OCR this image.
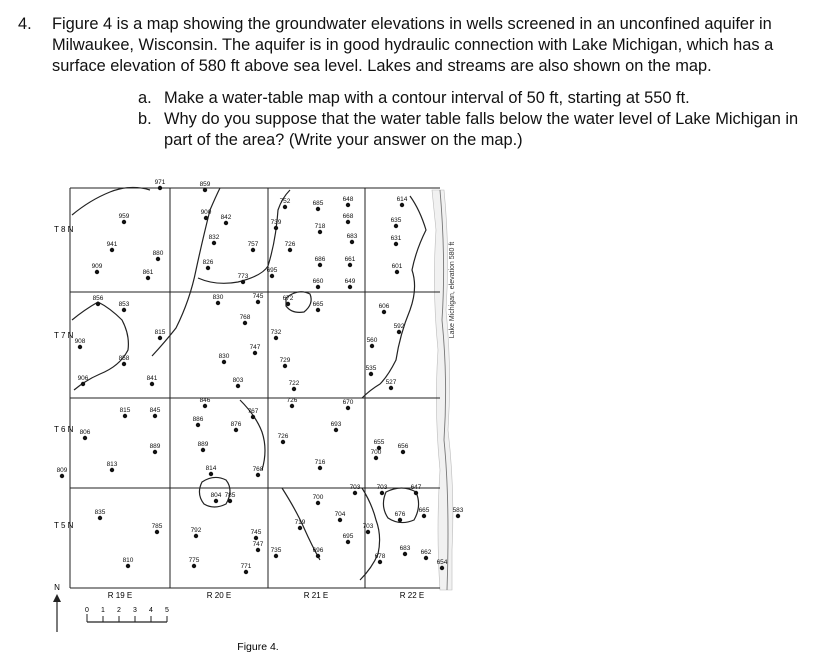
4. Figure 4 is a map showing the groundwater elevations in wells screened in an unconfined aquifer in Milwaukee, Wisconsin. The aquifer is in good hydraulic connection with Lake Michigan, which has a surface elevation of 580 ft above sea level. Lakes and streams are also shown on the map.
a. Make a water-table map with a contour interval of 50 ft, starting at 550 ft.
b. Why do you suppose that the water table falls below the water level of Lake Michigan in part of the area? (Write your answer on the map.)
Lake Michigan, elevation 580 ft
T 8 N
T 7 N
T 6 N
T 5 N
R 19 E	R 20 E	R 21 E	R 22 E
N
0 1 2 3 4 5
971	859
752	685
648	614
959
900
842
739
718
668
635
832
757	726
683	631
941
880
686	661
601
909
861
826
773
695
660	649
856
853
830	745	672
665	606
768
592
815	732
908
747
560
858	830
729
535
803	527
906	841
722
726	670
846
815	845	767
886
876	693
806
726
655
889	889
700
656
716
813
814	768
809
703 703	647
804 785	700
835	704	676
665	583
719
703
785
792	745
695
747
735	696	683
678
662
810	775
771
654
Figure 4.
